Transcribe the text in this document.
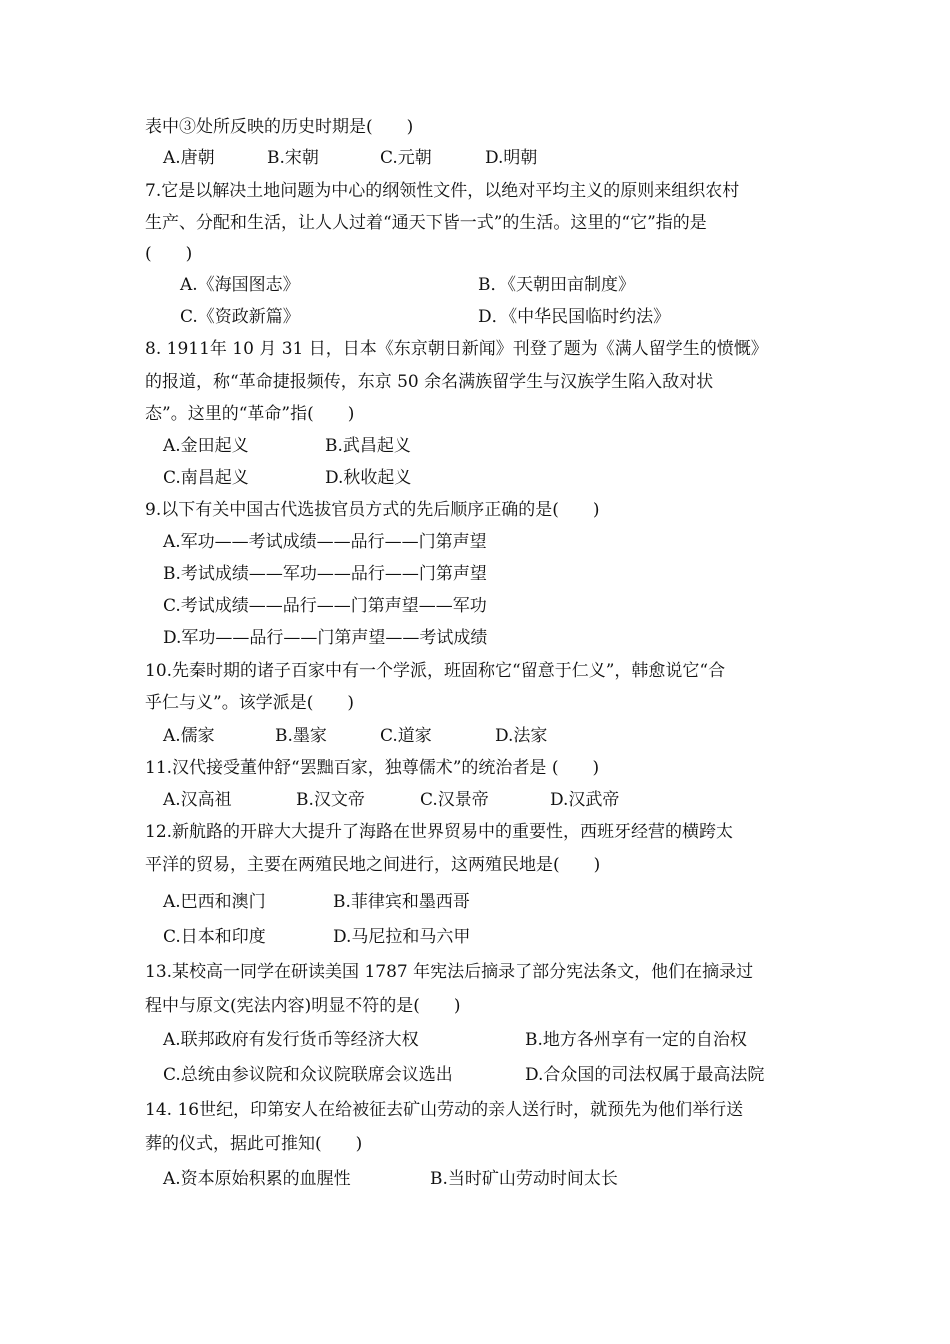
表中③处所反映的历史时期是(　　)
A.唐朝	B.宋朝	C.元朝	D.明朝
7.它是以解决土地问题为中心的纲领性文件，以绝对平均主义的原则来组织农村
生产、分配和生活，让人人过着“通天下皆一式”的生活。这里的“它”指的是
(　　)
A.《海国图志》	B．《天朝田亩制度》
C.《资政新篇》	D．《中华民国临时约法》
8. 1911年 10 月 31 日，日本《东京朝日新闻》刊登了题为《满人留学生的愤慨》
的报道，称“革命捷报频传，东京 50 余名满族留学生与汉族学生陷入敌对状
态”。这里的“革命”指(　　)
A.金田起义	B.武昌起义
C.南昌起义	D.秋收起义
9.以下有关中国古代选拔官员方式的先后顺序正确的是(　　)
A.军功——考试成绩——品行——门第声望
B.考试成绩——军功——品行——门第声望
C.考试成绩——品行——门第声望——军功
D.军功——品行——门第声望——考试成绩
10.先秦时期的诸子百家中有一个学派，班固称它“留意于仁义”，韩愈说它“合
乎仁与义”。该学派是(　　)
A.儒家	B.墨家	C.道家	D.法家
11.汉代接受董仲舒“罢黜百家，独尊儒术”的统治者是 (　　)
A.汉高祖	B.汉文帝	C.汉景帝	D.汉武帝
12.新航路的开辟大大提升了海路在世界贸易中的重要性，西班牙经营的横跨太
平洋的贸易，主要在两殖民地之间进行，这两殖民地是(　　)
A.巴西和澳门	B.菲律宾和墨西哥
C.日本和印度	D.马尼拉和马六甲
13.某校高一同学在研读美国 1787 年宪法后摘录了部分宪法条文，他们在摘录过
程中与原文(宪法内容)明显不符的是(　　)
A.联邦政府有发行货币等经济大权	B.地方各州享有一定的自治权
C.总统由参议院和众议院联席会议选出	D.合众国的司法权属于最高法院
14. 16世纪，印第安人在给被征去矿山劳动的亲人送行时，就预先为他们举行送
葬的仪式，据此可推知(　　)
A.资本原始积累的血腥性	B.当时矿山劳动时间太长
